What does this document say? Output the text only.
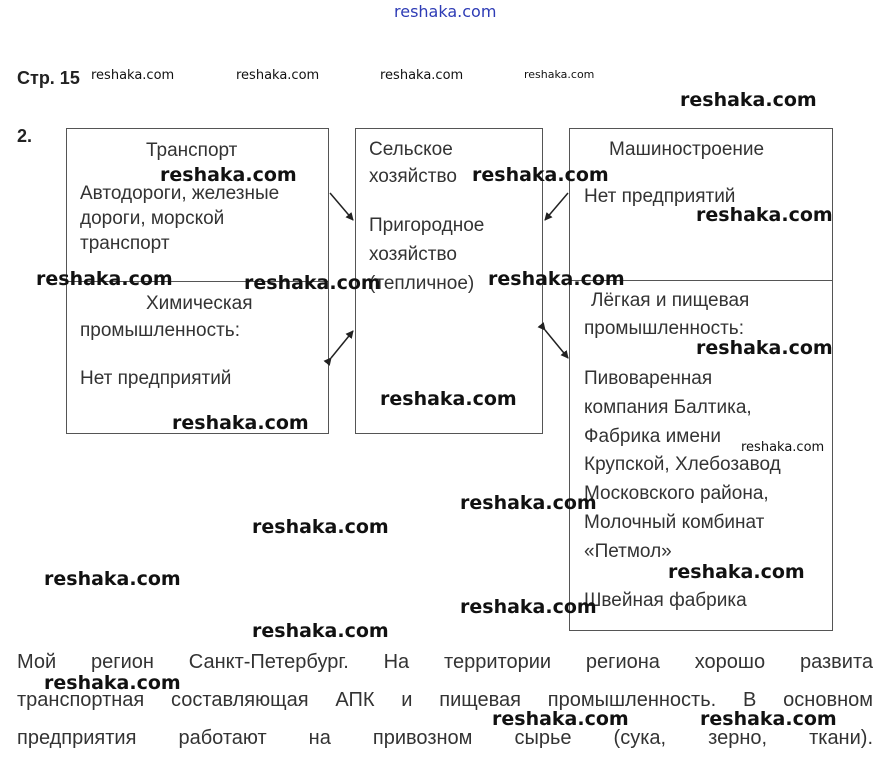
reshaka.com
Стр. 15
2.
reshaka.com	reshaka.com	reshaka.com	reshaka.com
reshaka.com
Транспорт
Автодороги, железные
дороги, морской
транспорт
Химическая
промышленность:
Нет предприятий
Сельское
хозяйство
Пригородное
хозяйство
(тепличное)
Машиностроение
Нет предприятий
Лёгкая и пищевая
промышленность:
Пивоваренная
компания Балтика,
Фабрика имени
Крупской, Хлебозавод
Московского района,
Молочный комбинат
«Петмол»
Швейная фабрика
reshaka.com	reshaka.com
reshaka.com
reshaka.com	reshaka.com	reshaka.com
reshaka.com
reshaka.com
reshaka.com
reshaka.com
reshaka.com
reshaka.com
reshaka.com
reshaka.com
reshaka.com
reshaka.com
Мой регион Санкт-Петербург. На территории региона хорошо развита
транспортная составляющая АПК и пищевая промышленность. В основном
предприятия работают на привозном сырье (сука, зерно, ткани).
reshaka.com
reshaka.com	reshaka.com
